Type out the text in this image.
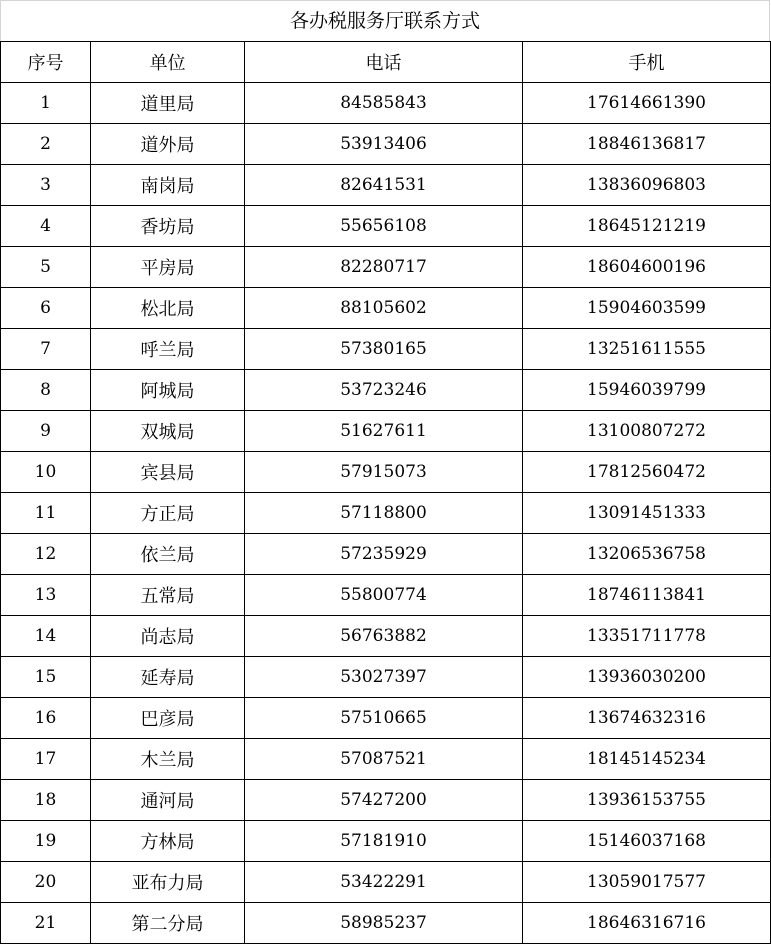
各办税服务厅联系方式
序号	单位	电话	手机
1	道里局	84585843	17614661390
2	道外局	53913406	18846136817
3	南岗局	82641531	13836096803
4	香坊局	55656108	18645121219
5	平房局	82280717	18604600196
6	松北局	88105602	15904603599
7	呼兰局	57380165	13251611555
8	阿城局	53723246	15946039799
9	双城局	51627611	13100807272
10	宾县局	57915073	17812560472
11	方正局	57118800	13091451333
12	依兰局	57235929	13206536758
13	五常局	55800774	18746113841
14	尚志局	56763882	13351711778
15	延寿局	53027397	13936030200
16	巴彦局	57510665	13674632316
17	木兰局	57087521	18145145234
18	通河局	57427200	13936153755
19	方林局	57181910	15146037168
20	亚布力局	53422291	13059017577
21	第二分局	58985237	18646316716
